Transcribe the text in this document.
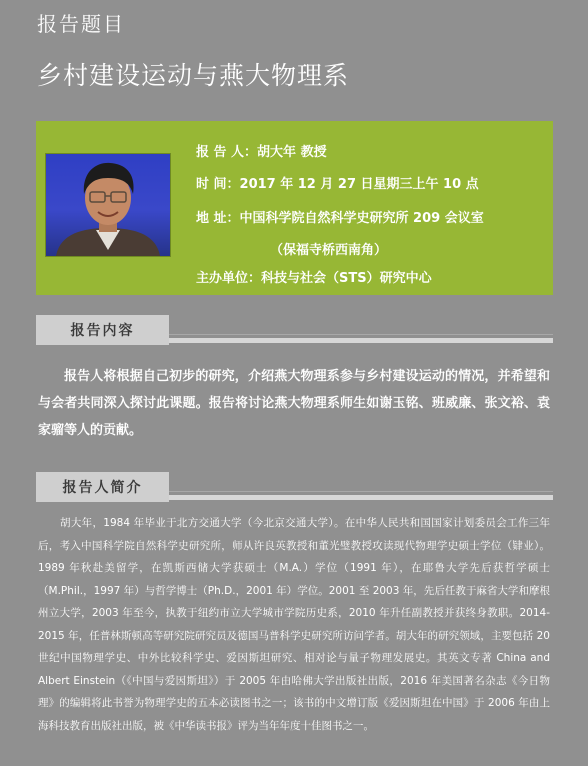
报告题目
乡村建设运动与燕大物理系
报 告 人：胡大年 教授
时 间：2017 年 12 月 27 日星期三上午 10 点
地 址：中国科学院自然科学史研究所 209 会议室
（保福寺桥西南角）
主办单位：科技与社会（STS）研究中心
报告内容
报告人将根据自己初步的研究，介绍燕大物理系参与乡村建设运动的情况，并希望和与会者共同深入探讨此课题。报告将讨论燕大物理系师生如谢玉铭、班威廉、张文裕、袁家骝等人的贡献。
报告人简介
胡大年，1984 年毕业于北方交通大学（今北京交通大学）。在中华人民共和国国家计划委员会工作三年后，考入中国科学院自然科学史研究所，师从许良英教授和董光璧教授攻读现代物理学史硕士学位（肄业）。1989 年秋赴美留学，在凯斯西储大学获硕士（M.A.）学位（1991 年），在耶鲁大学先后获哲学硕士（M.Phil.，1997 年）与哲学博士（Ph.D.，2001 年）学位。2001 至 2003 年，先后任教于麻省大学和摩根州立大学，2003 年至今，执教于纽约市立大学城市学院历史系，2010 年升任副教授并获终身教职。2014-2015 年，任普林斯顿高等研究院研究员及德国马普科学史研究所访问学者。胡大年的研究领域，主要包括 20 世纪中国物理学史、中外比较科学史、爱因斯坦研究、相对论与量子物理发展史。其英文专著 China and Albert Einstein（《中国与爱因斯坦》）于 2005 年由哈佛大学出版社出版，2016 年美国著名杂志《今日物理》的编辑将此书誉为物理学史的五本必读图书之一；该书的中文增订版《爱因斯坦在中国》于 2006 年由上海科技教育出版社出版，被《中华读书报》评为当年年度十佳图书之一。
